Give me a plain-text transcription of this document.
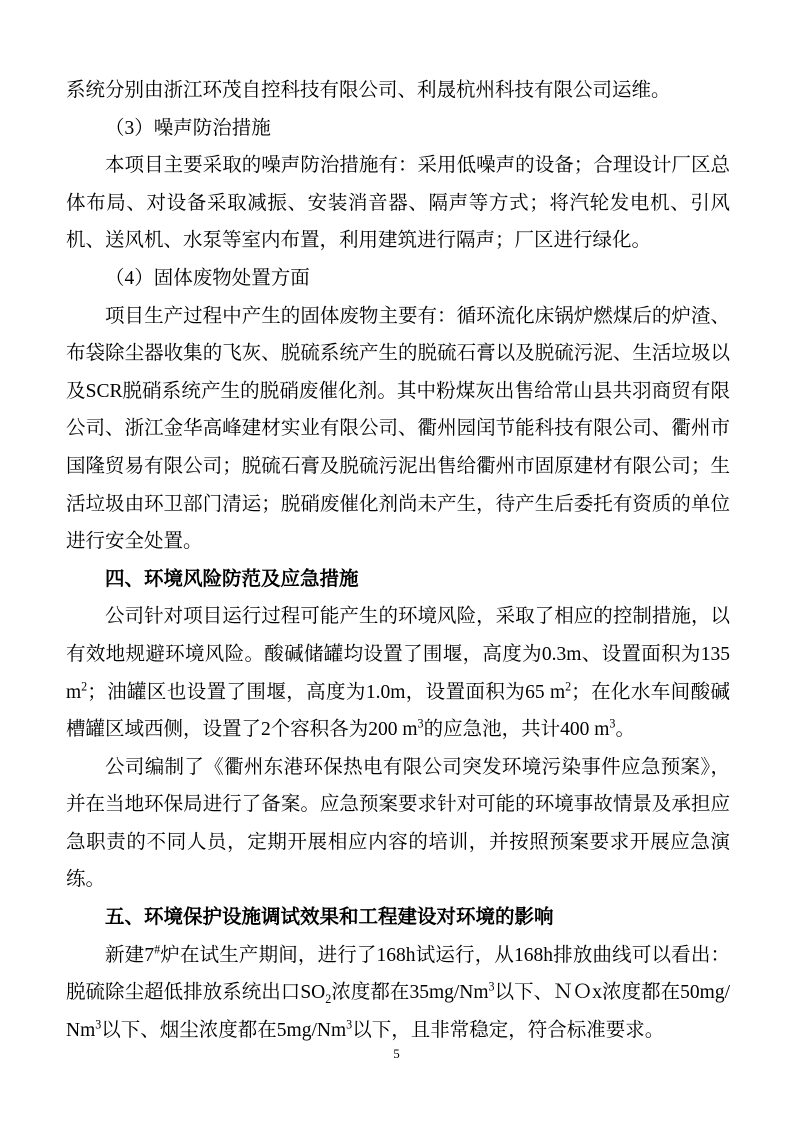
系统分别由浙江环茂自控科技有限公司、利晟杭州科技有限公司运维。

（3）噪声防治措施

本项目主要采取的噪声防治措施有：采用低噪声的设备；合理设计厂区总体布局、对设备采取减振、安装消音器、隔声等方式；将汽轮发电机、引风机、送风机、水泵等室内布置，利用建筑进行隔声；厂区进行绿化。

（4）固体废物处置方面

项目生产过程中产生的固体废物主要有：循环流化床锅炉燃煤后的炉渣、布袋除尘器收集的飞灰、脱硫系统产生的脱硫石膏以及脱硫污泥、生活垃圾以及SCR脱硝系统产生的脱硝废催化剂。其中粉煤灰出售给常山县共羽商贸有限公司、浙江金华高峰建材实业有限公司、衢州园闰节能科技有限公司、衢州市国隆贸易有限公司；脱硫石膏及脱硫污泥出售给衢州市固原建材有限公司；生活垃圾由环卫部门清运；脱硝废催化剂尚未产生，待产生后委托有资质的单位进行安全处置。

四、环境风险防范及应急措施

公司针对项目运行过程可能产生的环境风险，采取了相应的控制措施，以有效地规避环境风险。酸碱储罐均设置了围堰，高度为0.3m、设置面积为135 $m^2$；油罐区也设置了围堰，高度为1.0m，设置面积为65 $m^2$；在化水车间酸碱槽罐区域西侧，设置了2个容积各为200 $m^3$的应急池，共计400 $m^3$。

公司编制了《衢州东港环保热电有限公司突发环境污染事件应急预案》，并在当地环保局进行了备案。应急预案要求针对可能的环境事故情景及承担应急职责的不同人员，定期开展相应内容的培训，并按照预案要求开展应急演练。

五、环境保护设施调试效果和工程建设对环境的影响

新建7#炉在试生产期间，进行了168h试运行，从168h排放曲线可以看出：脱硫除尘超低排放系统出口$SO_2$浓度都在35mg/Nm$^3$以下、ＮＯx浓度都在50mg/Nm$^3$以下、烟尘浓度都在5mg/Nm$^3$以下，且非常稳定，符合标准要求。

5
